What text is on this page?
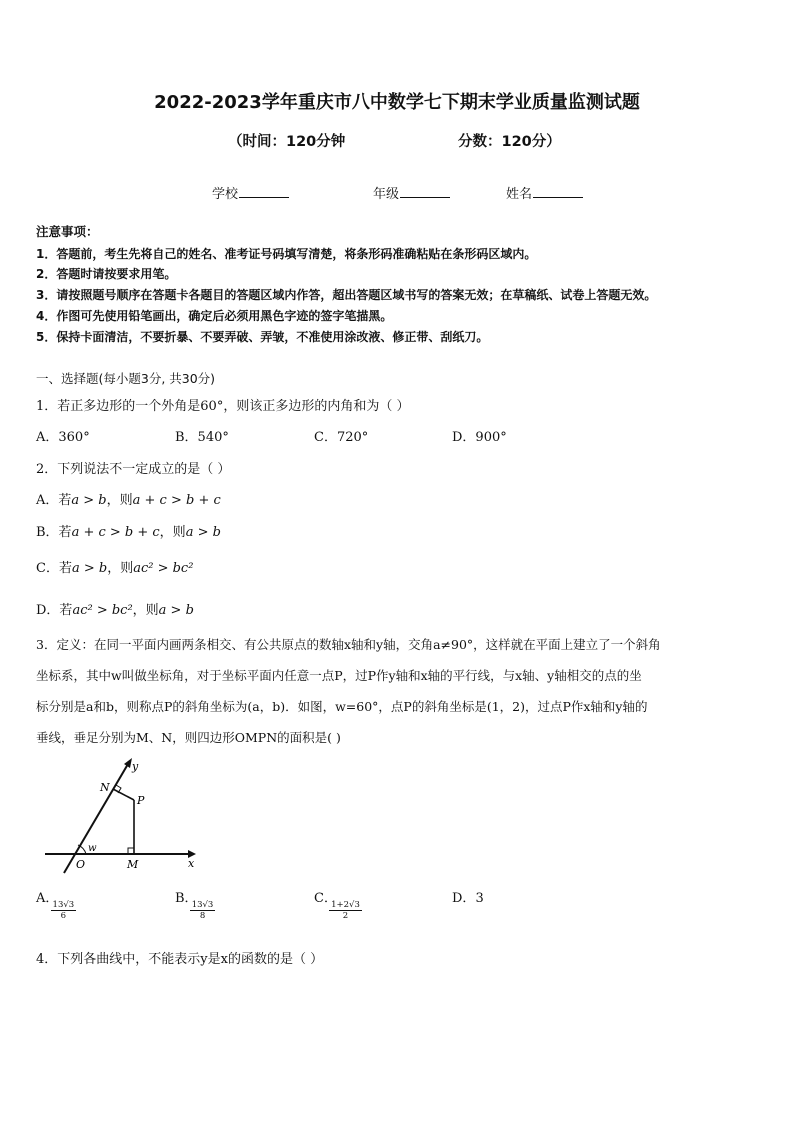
2022-2023学年重庆市八中数学七下期末学业质量监测试题
（时间：120分钟	分数：120分）
学校	年级	姓名
注意事项：
1．答题前，考生先将自己的姓名、准考证号码填写清楚，将条形码准确粘贴在条形码区域内。
2．答题时请按要求用笔。
3．请按照题号顺序在答题卡各题目的答题区域内作答，超出答题区域书写的答案无效；在草稿纸、试卷上答题无效。
4．作图可先使用铅笔画出，确定后必须用黑色字迹的签字笔描黑。
5．保持卡面清洁，不要折暴、不要弄破、弄皱，不准使用涂改液、修正带、刮纸刀。
一、选择题(每小题3分, 共30分)
1．若正多边形的一个外角是60°，则该正多边形的内角和为（ ）
A．360°	B．540°	C．720°	D．900°
2．下列说法不一定成立的是（ ）
A．若a > b，则a + c > b + c
B．若a + c > b + c，则a > b
C．若a > b，则ac² > bc²
D．若ac² > bc²，则a > b
3．定义：在同一平面内画两条相交、有公共原点的数轴x轴和y轴，交角a≠90°，这样就在平面上建立了一个斜角
坐标系，其中w叫做坐标角，对于坐标平面内任意一点P，过P作y轴和x轴的平行线，与x轴、y轴相交的点的坐
标分别是a和b，则称点P的斜角坐标为(a，b)．如图，w=60°，点P的斜角坐标是(1，2)，过点P作x轴和y轴的
垂线，垂足分别为M、N，则四边形OMPN的面积是( )
y
x
N
P
w
O	M
A．
$\frac{13√3}{6}$
B．
$\frac{13√3}{8}$
C．
$\frac{1+2√3}{2}$
D．3
4．下列各曲线中，不能表示y是x的函数的是（ ）
